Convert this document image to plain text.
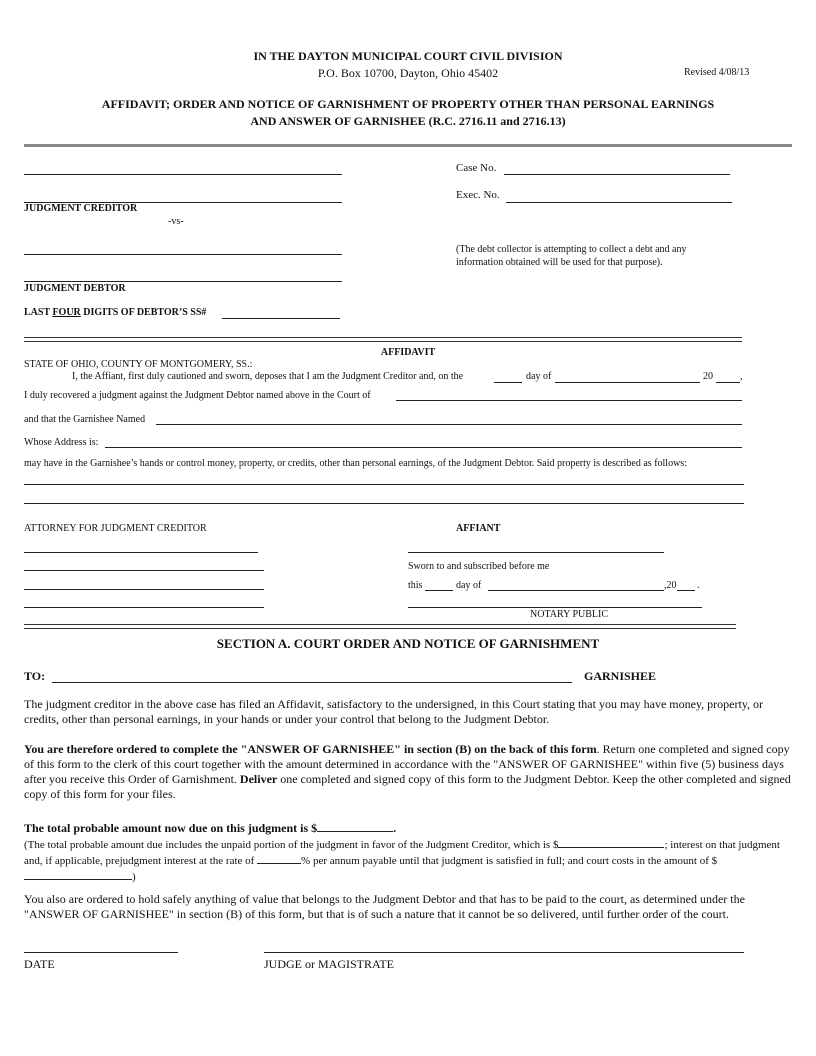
IN THE DAYTON MUNICIPAL COURT CIVIL DIVISION
P.O. Box 10700, Dayton, Ohio 45402	Revised 4/08/13
AFFIDAVIT; ORDER AND NOTICE OF GARNISHMENT OF PROPERTY OTHER THAN PERSONAL EARNINGS
AND ANSWER OF GARNISHEE (R.C. 2716.11 and 2716.13)
JUDGMENT CREDITOR
-vs-
JUDGMENT DEBTOR
LAST FOUR DIGITS OF DEBTOR’S SS#
Case No.
Exec. No.
(The debt collector is attempting to collect a debt and any information obtained will be used for that purpose).
AFFIDAVIT
STATE OF OHIO, COUNTY OF MONTGOMERY, SS.:
I, the Affiant, first duly cautioned and sworn, deposes that I am the Judgment Creditor and, on the	day of	20	,
I duly recovered a judgment against the Judgment Debtor named above in the Court of
and that the Garnishee Named
Whose Address is:
may have in the Garnishee’s hands or control money, property, or credits, other than personal earnings, of the Judgment Debtor. Said property is described as follows:
ATTORNEY FOR JUDGMENT CREDITOR	AFFIANT
Sworn to and subscribed before me
this	day of	,20 .
NOTARY PUBLIC
SECTION A. COURT ORDER AND NOTICE OF GARNISHMENT
TO:	GARNISHEE
The judgment creditor in the above case has filed an Affidavit, satisfactory to the undersigned, in this Court stating that you may have money, property, or credits, other than personal earnings, in your hands or under your control that belong to the Judgment Debtor.
You are therefore ordered to complete the "ANSWER OF GARNISHEE" in section (B) on the back of this form. Return one completed and signed copy of this form to the clerk of this court together with the amount determined in accordance with the "ANSWER OF GARNISHEE" within five (5) business days after you receive this Order of Garnishment. Deliver one completed and signed copy of this form to the Judgment Debtor. Keep the other completed and signed copy of this form for your files.
The total probable amount now due on this judgment is $	.
(The total probable amount due includes the unpaid portion of the judgment in favor of the Judgment Creditor, which is $	; interest on that judgment and, if applicable, prejudgment interest at the rate of	% per annum payable until that judgment is satisfied in full; and court costs in the amount of $)
You also are ordered to hold safely anything of value that belongs to the Judgment Debtor and that has to be paid to the court, as determined under the "ANSWER OF GARNISHEE" in section (B) of this form, but that is of such a nature that it cannot be so delivered, until further order of the court.
DATE	JUDGE or MAGISTRATE
